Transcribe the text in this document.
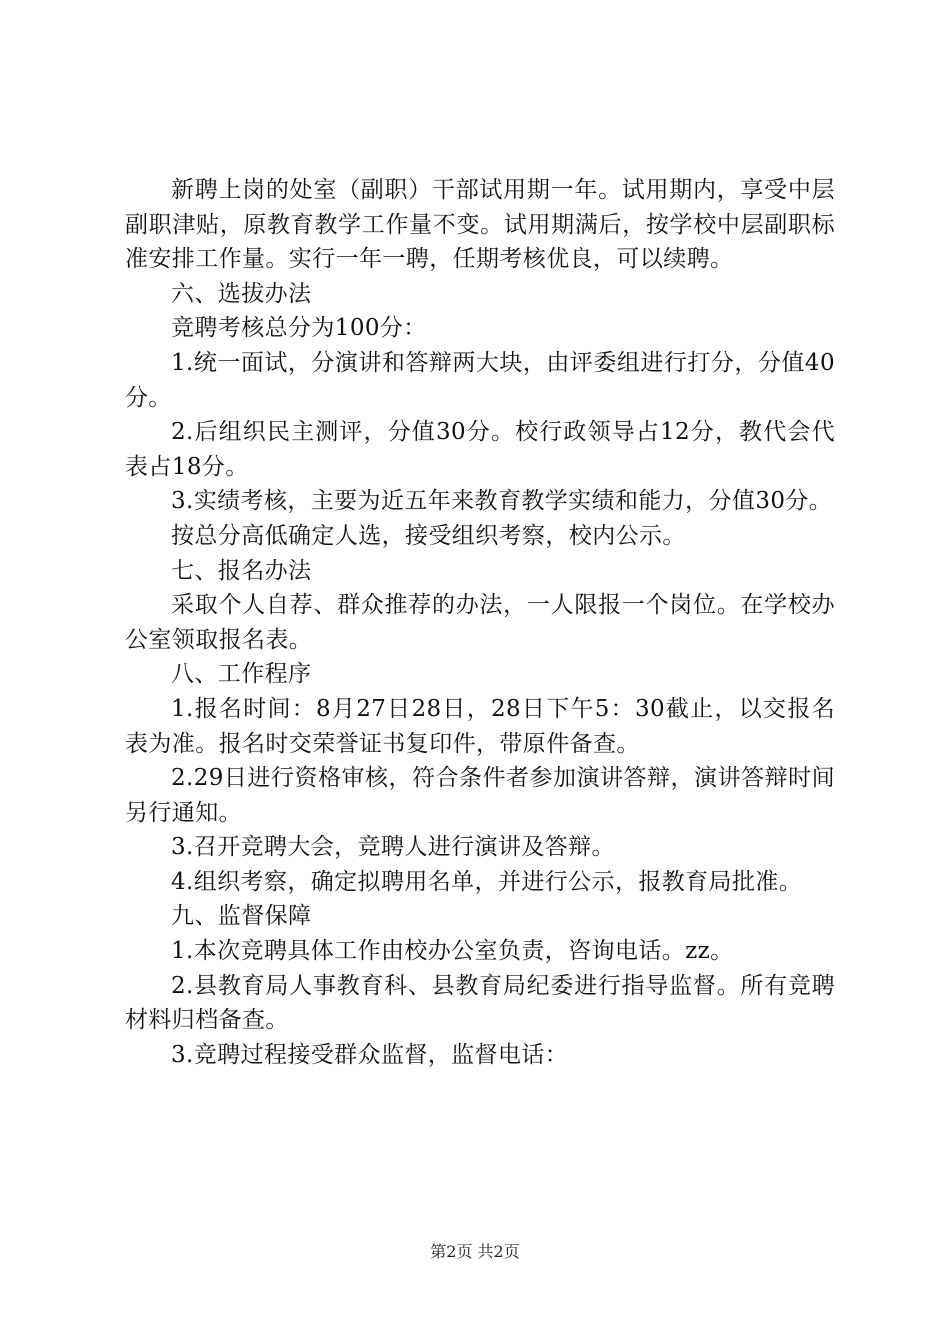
新聘上岗的处室（副职）干部试用期一年。试用期内，享受中层副职津贴，原教育教学工作量不变。试用期满后，按学校中层副职标准安排工作量。实行一年一聘，任期考核优良，可以续聘。

六、选拔办法

竞聘考核总分为100分：

1.统一面试，分演讲和答辩两大块，由评委组进行打分，分值40分。

2.后组织民主测评，分值30分。校行政领导占12分，教代会代表占18分。

3.实绩考核，主要为近五年来教育教学实绩和能力，分值30分。

按总分高低确定人选，接受组织考察，校内公示。

七、报名办法

采取个人自荐、群众推荐的办法，一人限报一个岗位。在学校办公室领取报名表。

八、工作程序

1.报名时间：8月27日28日，28日下午5：30截止，以交报名表为准。报名时交荣誉证书复印件，带原件备查。

2.29日进行资格审核，符合条件者参加演讲答辩，演讲答辩时间另行通知。

3.召开竞聘大会，竞聘人进行演讲及答辩。

4.组织考察，确定拟聘用名单，并进行公示，报教育局批准。

九、监督保障

1.本次竞聘具体工作由校办公室负责，咨询电话。zz。

2.县教育局人事教育科、县教育局纪委进行指导监督。所有竞聘材料归档备查。

3.竞聘过程接受群众监督，监督电话：

第2页 共2页
